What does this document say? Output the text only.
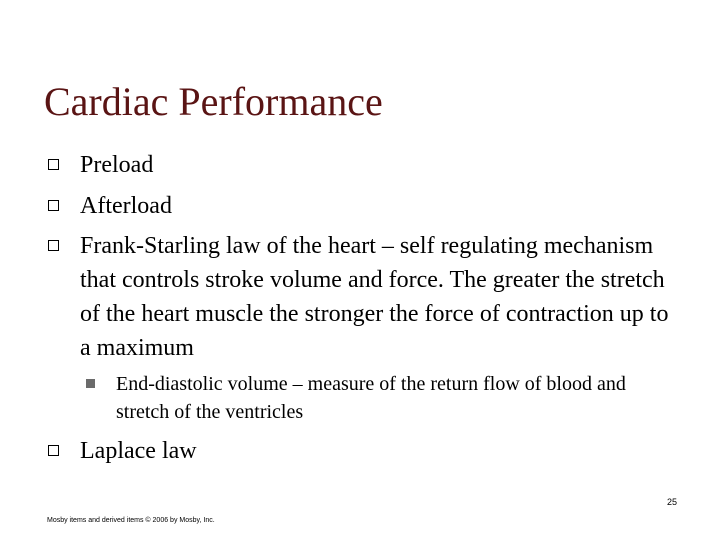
Cardiac Performance
Preload
Afterload
Frank-Starling law of the heart – self regulating mechanism that controls stroke volume and force. The greater the stretch of the heart muscle the stronger the force of contraction up to a maximum
End-diastolic volume – measure of the return flow of blood and stretch of the ventricles
Laplace law
25
Mosby items and derived items © 2006 by Mosby, Inc.
